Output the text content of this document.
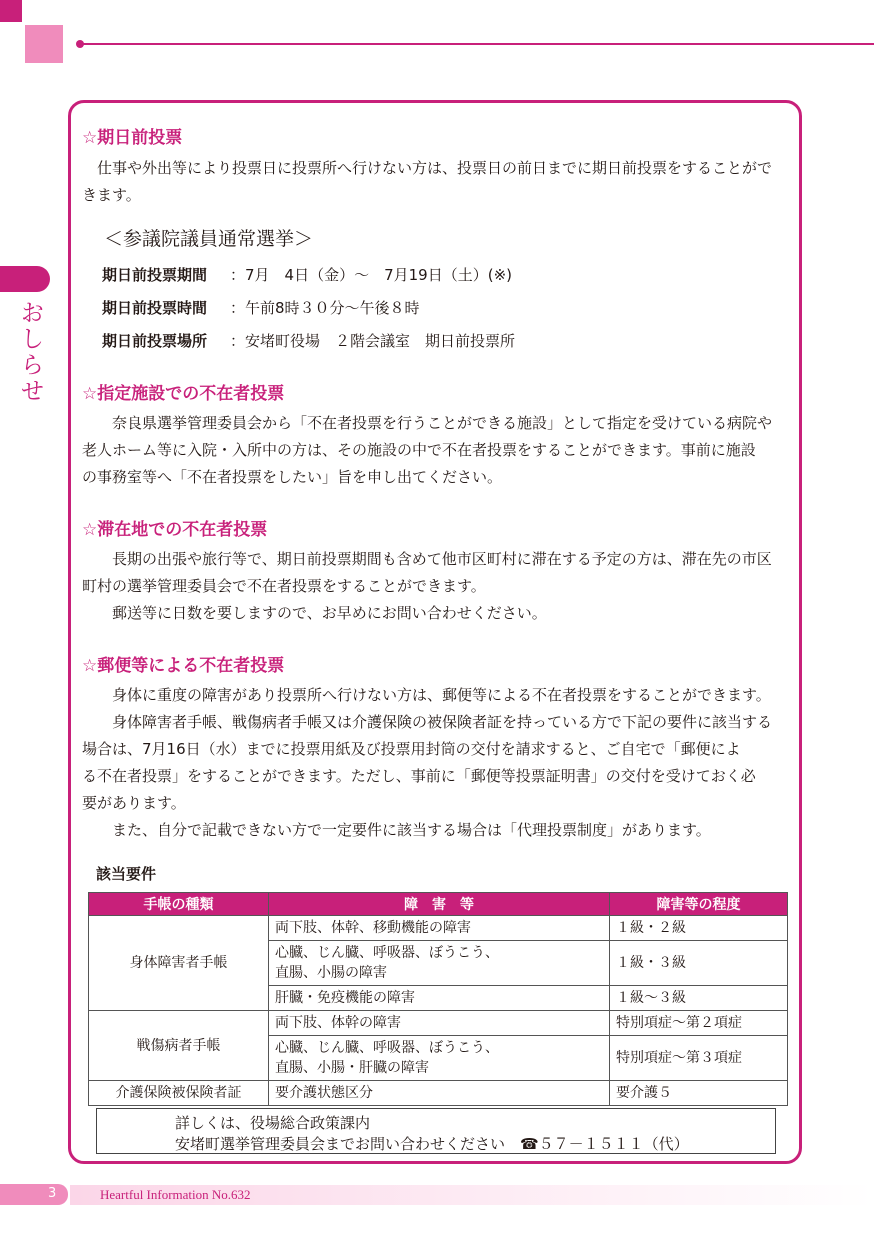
おしらせ
☆期日前投票
仕事や外出等により投票日に投票所へ行けない方は、投票日の前日までに期日前投票をすることがで
きます。
＜参議院議員通常選挙＞
期日前投票期間 ：7月　4日（金）～　7月19日（土）(※)
期日前投票時間 ：午前8時３０分～午後８時
期日前投票場所 ：安堵町役場　２階会議室　期日前投票所
☆指定施設での不在者投票
奈良県選挙管理委員会から「不在者投票を行うことができる施設」として指定を受けている病院や
老人ホーム等に入院・入所中の方は、その施設の中で不在者投票をすることができます。事前に施設
の事務室等へ「不在者投票をしたい」旨を申し出てください。
☆滞在地での不在者投票
長期の出張や旅行等で、期日前投票期間も含めて他市区町村に滞在する予定の方は、滞在先の市区
町村の選挙管理委員会で不在者投票をすることができます。
郵送等に日数を要しますので、お早めにお問い合わせください。
☆郵便等による不在者投票
身体に重度の障害があり投票所へ行けない方は、郵便等による不在者投票をすることができます。
身体障害者手帳、戦傷病者手帳又は介護保険の被保険者証を持っている方で下記の要件に該当する
場合は、7月16日（水）までに投票用紙及び投票用封筒の交付を請求すると、ご自宅で「郵便によ
る不在者投票」をすることができます。ただし、事前に「郵便等投票証明書」の交付を受けておく必
要があります。
また、自分で記載できない方で一定要件に該当する場合は「代理投票制度」があります。
該当要件
手帳の種類	障　害　等	障害等の程度
身体障害者手帳	両下肢、体幹、移動機能の障害	１級・２級
	心臓、じん臓、呼吸器、ぼうこう、
直腸、小腸の障害	１級・３級
	肝臓・免疫機能の障害	１級～３級
戦傷病者手帳	両下肢、体幹の障害	特別項症～第２項症
	心臓、じん臓、呼吸器、ぼうこう、
直腸、小腸・肝臓の障害	特別項症～第３項症
介護保険被保険者証	要介護状態区分	要介護５
詳しくは、役場総合政策課内
安堵町選挙管理委員会までお問い合わせください　☎５７－１５１１（代）
3	Heartful Information No.632
